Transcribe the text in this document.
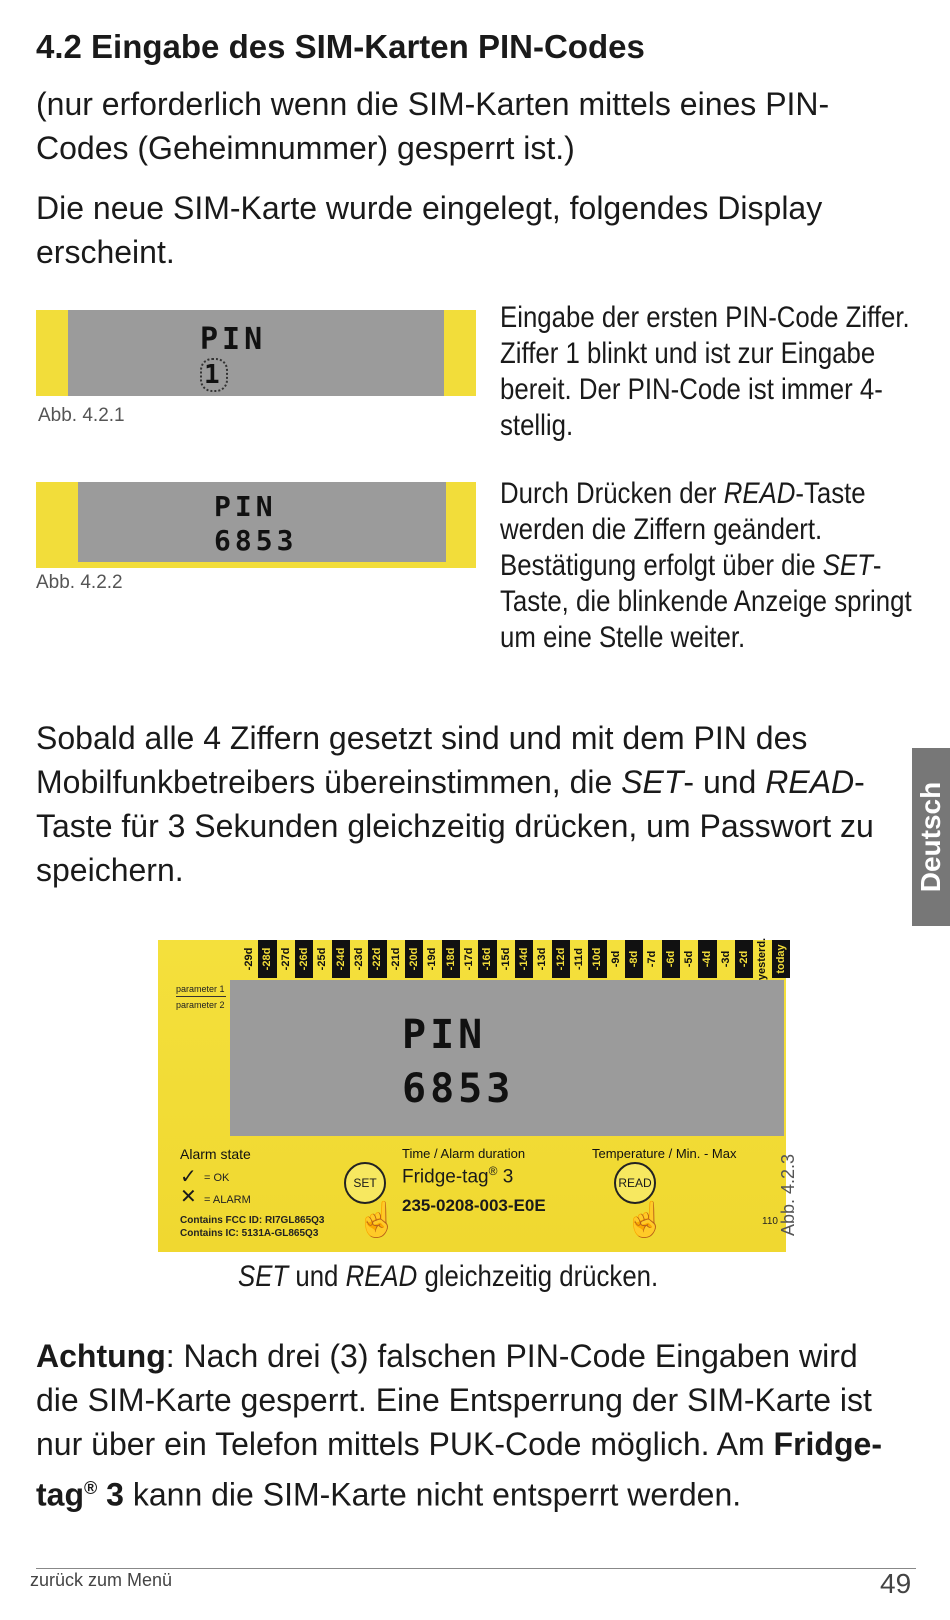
4.2 Eingabe des SIM-Karten PIN-Codes

(nur erforderlich wenn die SIM-Karten mittels eines PIN-Codes (Geheimnummer) gesperrt ist.)

Die neue SIM-Karte wurde eingelegt, folgendes Display erscheint.

PIN
1
Abb. 4.2.1
Eingabe der ersten PIN-Code Ziffer. Ziffer 1 blinkt und ist zur Eingabe bereit. Der PIN-Code ist immer 4-stellig.
PIN
6853
Abb. 4.2.2
Durch Drücken der READ-Taste werden die Ziffern geändert. Bestätigung erfolgt über die SET-Taste, die blinkende Anzeige springt um eine Stelle weiter.

Sobald alle 4 Ziffern gesetzt sind und mit dem PIN des Mobilfunkbetreibers übereinstimmen, die SET- und READ-Taste für 3 Sekunden gleichzeitig drücken, um Passwort zu speichern.	Deutsch
-29d -28d -27d -26d -25d -24d -23d -22d -21d -20d -19d -18d -17d -16d -15d -14d -13d -12d -11d -10d -9d -8d -7d -6d -5d -4d -3d -2d yesterd. today
parameter 1
parameter 2
PIN
6853
Alarm state
✓ = OK
✕ = ALARM
Contains FCC ID: RI7GL865Q3
Contains IC: 5131A-GL865Q3
SET
☝
Time / Alarm duration
Fridge-tag® 3
235-0208-003-E0E
Temperature / Min. - Max
READ
☝	110 Abb. 4.2.3
SET und READ gleichzeitig drücken.

Achtung: Nach drei (3) falschen PIN-Code Eingaben wird die SIM-Karte gesperrt. Eine Entsperrung der SIM-Karte ist nur über ein Telefon mittels PUK-Code möglich. Am Fridge-tag® 3 kann die SIM-Karte nicht entsperrt werden.

zurück zum Menü	49
